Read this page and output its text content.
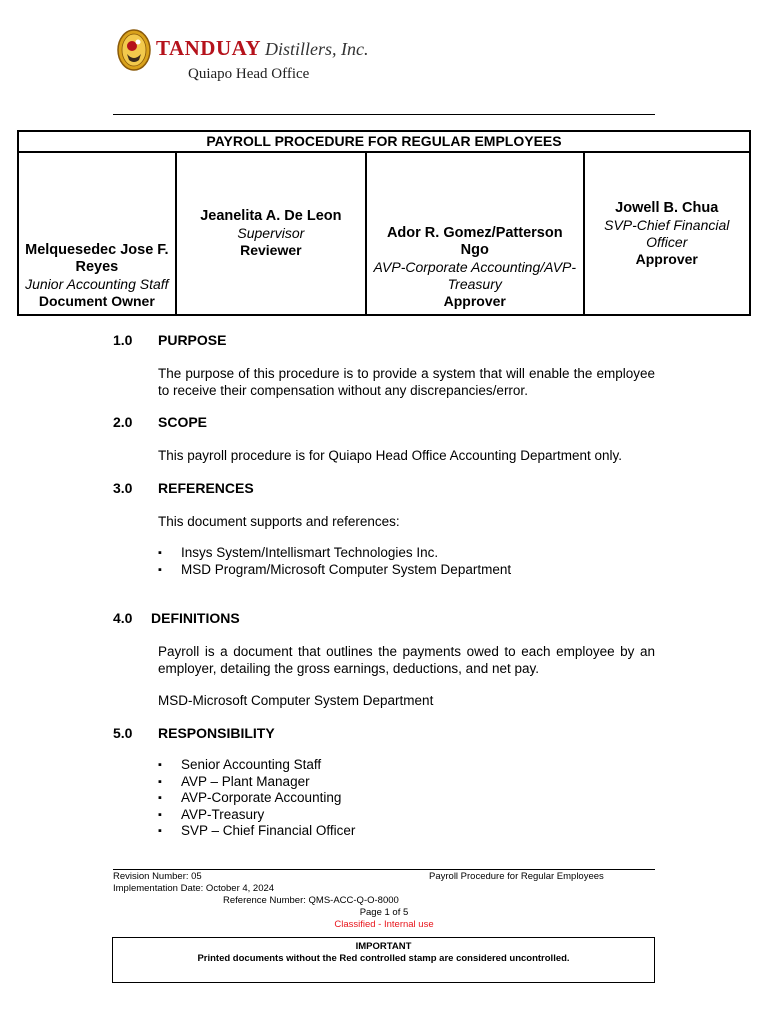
TANDUAY Distillers, Inc.
Quiapo Head Office
PAYROLL PROCEDURE FOR REGULAR EMPLOYEES

Melquesedec Jose F. Reyes
Junior Accounting Staff
Document Owner

Jeanelita A. De Leon
Supervisor
Reviewer

Ador R. Gomez/Patterson Ngo
AVP-Corporate Accounting/AVP-Treasury
Approver

Jowell B. Chua
SVP-Chief Financial Officer
Approver
1.0 PURPOSE
The purpose of this procedure is to provide a system that will enable the employee to receive their compensation without any discrepancies/error.
2.0 SCOPE
This payroll procedure is for Quiapo Head Office Accounting Department only.
3.0 REFERENCES
This document supports and references:
▪ Insys System/Intellismart Technologies Inc.
▪ MSD Program/Microsoft Computer System Department
4.0 DEFINITIONS
Payroll is a document that outlines the payments owed to each employee by an employer, detailing the gross earnings, deductions, and net pay.
MSD-Microsoft Computer System Department
5.0 RESPONSIBILITY
▪ Senior Accounting Staff
▪ AVP – Plant Manager
▪ AVP-Corporate Accounting
▪ AVP-Treasury
▪ SVP – Chief Financial Officer
Revision Number: 05	Payroll Procedure for Regular Employees
Implementation Date: October 4, 2024
Reference Number: QMS-ACC-Q-O-8000
Page 1 of 5
Classified - Internal use
IMPORTANT
Printed documents without the Red controlled stamp are considered uncontrolled.
